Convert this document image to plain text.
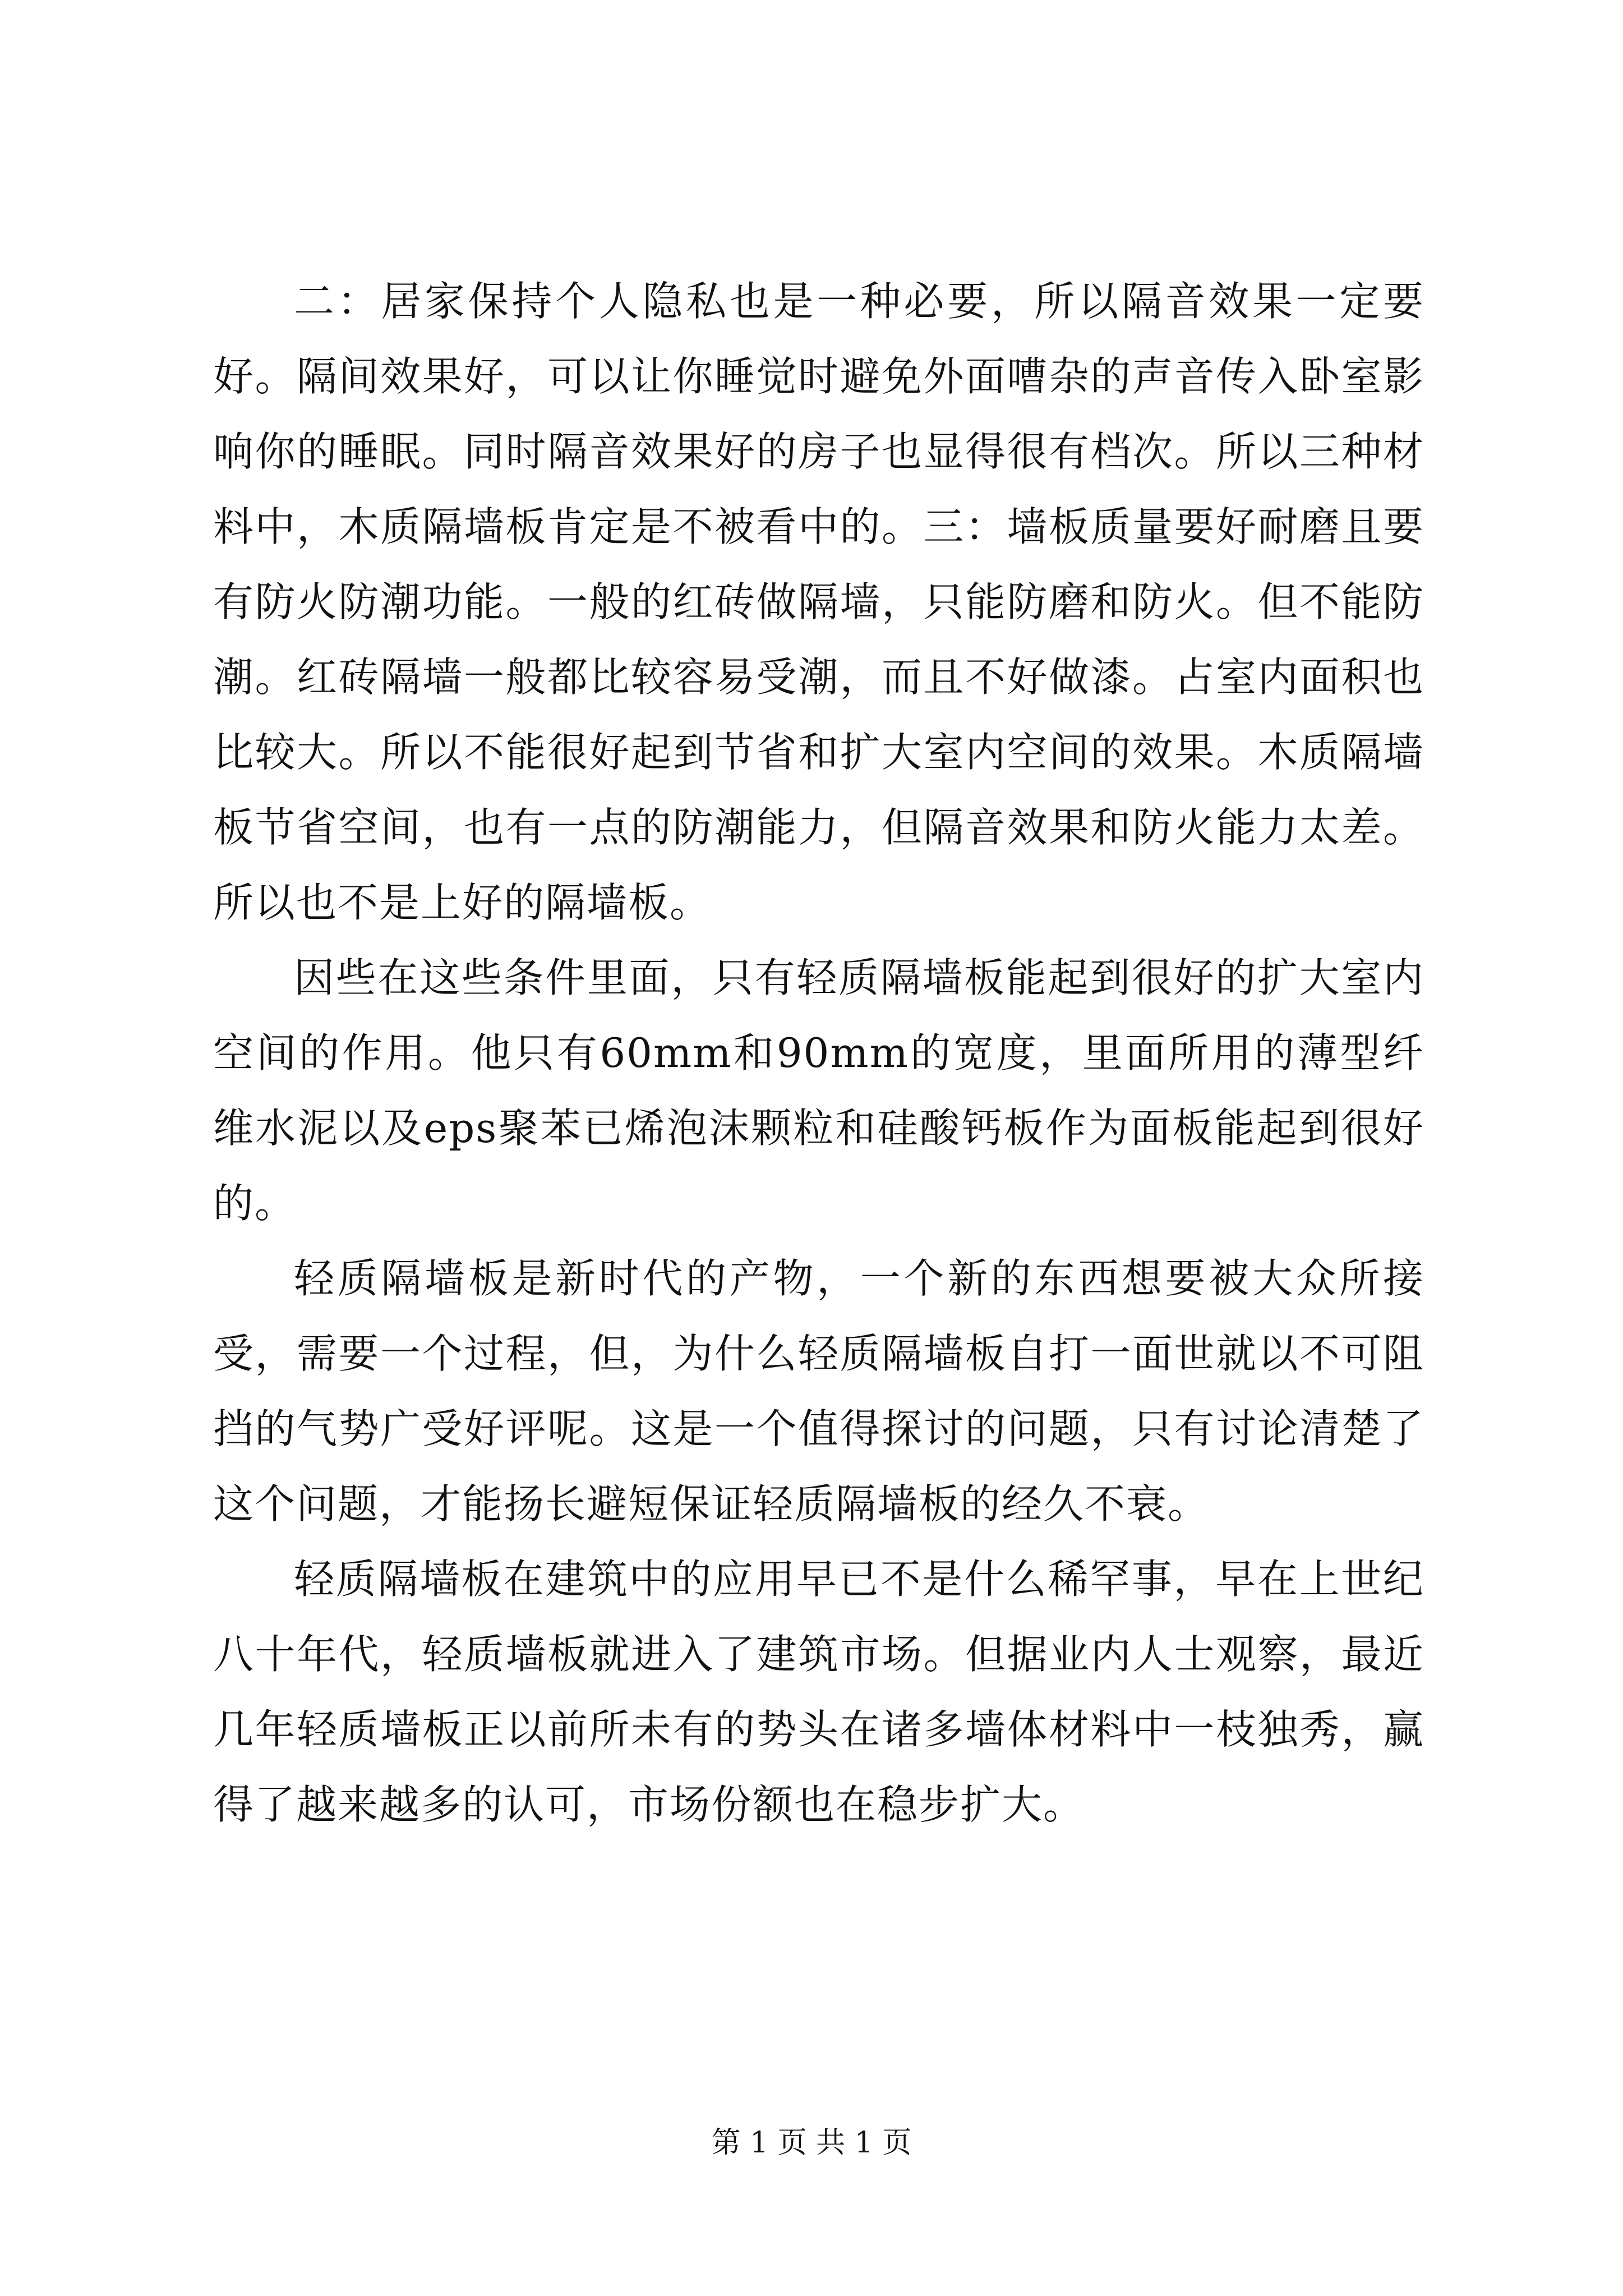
二：居家保持个人隐私也是一种必要，所以隔音效果一定要好。隔间效果好，可以让你睡觉时避免外面嘈杂的声音传入卧室影响你的睡眠。同时隔音效果好的房子也显得很有档次。所以三种材料中，木质隔墙板肯定是不被看中的。三：墙板质量要好耐磨且要有防火防潮功能。一般的红砖做隔墙，只能防磨和防火。但不能防潮。红砖隔墙一般都比较容易受潮，而且不好做漆。占室内面积也比较大。所以不能很好起到节省和扩大室内空间的效果。木质隔墙板节省空间，也有一点的防潮能力，但隔音效果和防火能力太差。所以也不是上好的隔墙板。

因些在这些条件里面，只有轻质隔墙板能起到很好的扩大室内空间的作用。他只有60mm和90mm的宽度，里面所用的薄型纤维水泥以及eps聚苯已烯泡沫颗粒和硅酸钙板作为面板能起到很好的。

轻质隔墙板是新时代的产物，一个新的东西想要被大众所接受，需要一个过程，但，为什么轻质隔墙板自打一面世就以不可阻挡的气势广受好评呢。这是一个值得探讨的问题，只有讨论清楚了这个问题，才能扬长避短保证轻质隔墙板的经久不衰。

轻质隔墙板在建筑中的应用早已不是什么稀罕事，早在上世纪八十年代，轻质墙板就进入了建筑市场。但据业内人士观察，最近几年轻质墙板正以前所未有的势头在诸多墙体材料中一枝独秀，赢得了越来越多的认可，市场份额也在稳步扩大。

第 1 页 共 1 页
